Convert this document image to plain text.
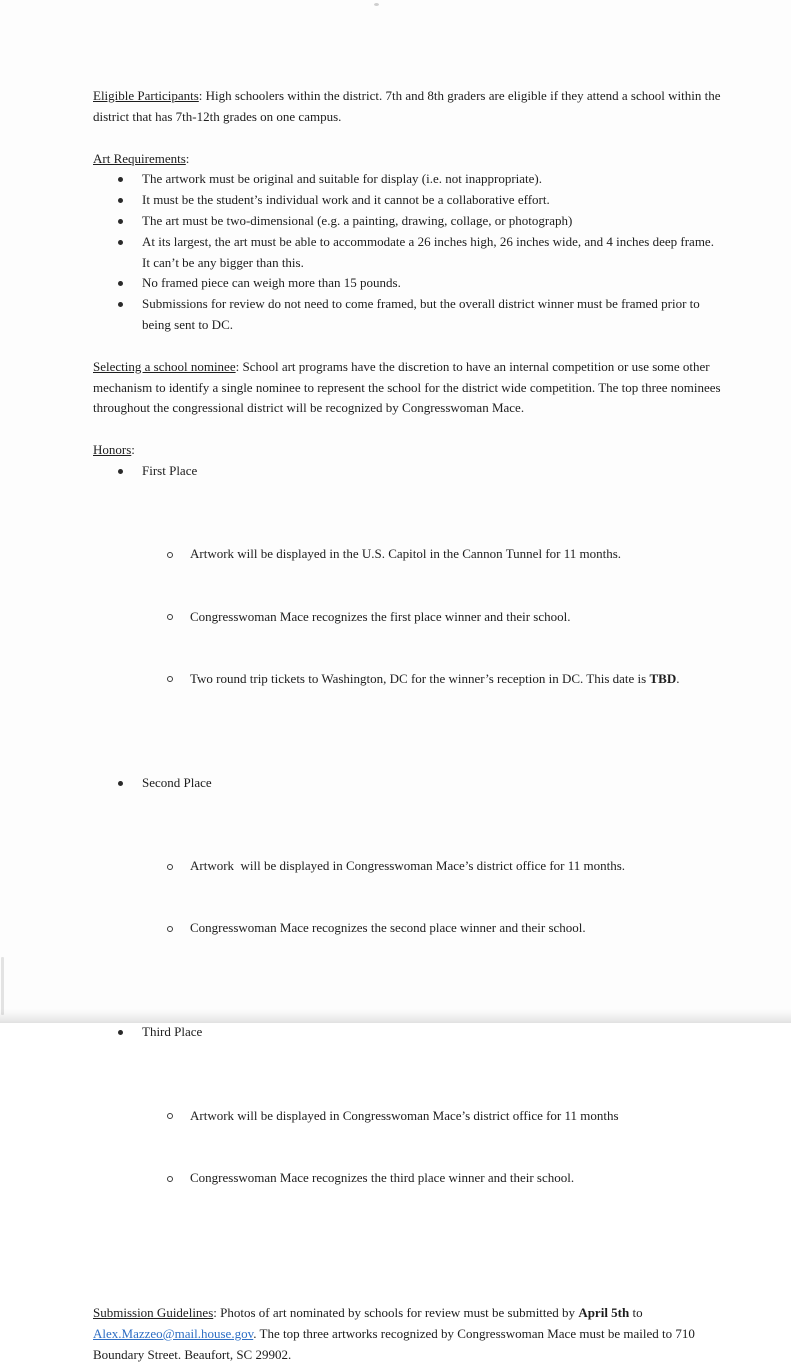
Eligible Participants: High schoolers within the district. 7th and 8th graders are eligible if they attend a school within the district that has 7th-12th grades on one campus.
Art Requirements:
The artwork must be original and suitable for display (i.e. not inappropriate).
It must be the student’s individual work and it cannot be a collaborative effort.
The art must be two-dimensional (e.g. a painting, drawing, collage, or photograph)
At its largest, the art must be able to accommodate a 26 inches high, 26 inches wide, and 4 inches deep frame. It can’t be any bigger than this.
No framed piece can weigh more than 15 pounds.
Submissions for review do not need to come framed, but the overall district winner must be framed prior to being sent to DC.
Selecting a school nominee: School art programs have the discretion to have an internal competition or use some other mechanism to identify a single nominee to represent the school for the district wide competition. The top three nominees throughout the congressional district will be recognized by Congresswoman Mace.
Honors:
First Place

Artwork will be displayed in the U.S. Capitol in the Cannon Tunnel for 11 months.

Congresswoman Mace recognizes the first place winner and their school.

Two round trip tickets to Washington, DC for the winner’s reception in DC. This date is TBD.

Second Place

Artwork  will be displayed in Congresswoman Mace’s district office for 11 months.

Congresswoman Mace recognizes the second place winner and their school.

Third Place

Artwork will be displayed in Congresswoman Mace’s district office for 11 months

Congresswoman Mace recognizes the third place winner and their school.

Submission Guidelines: Photos of art nominated by schools for review must be submitted by April 5th to Alex.Mazzeo@mail.house.gov. The top three artworks recognized by Congresswoman Mace must be mailed to 710 Boundary Street. Beaufort, SC 29902.
